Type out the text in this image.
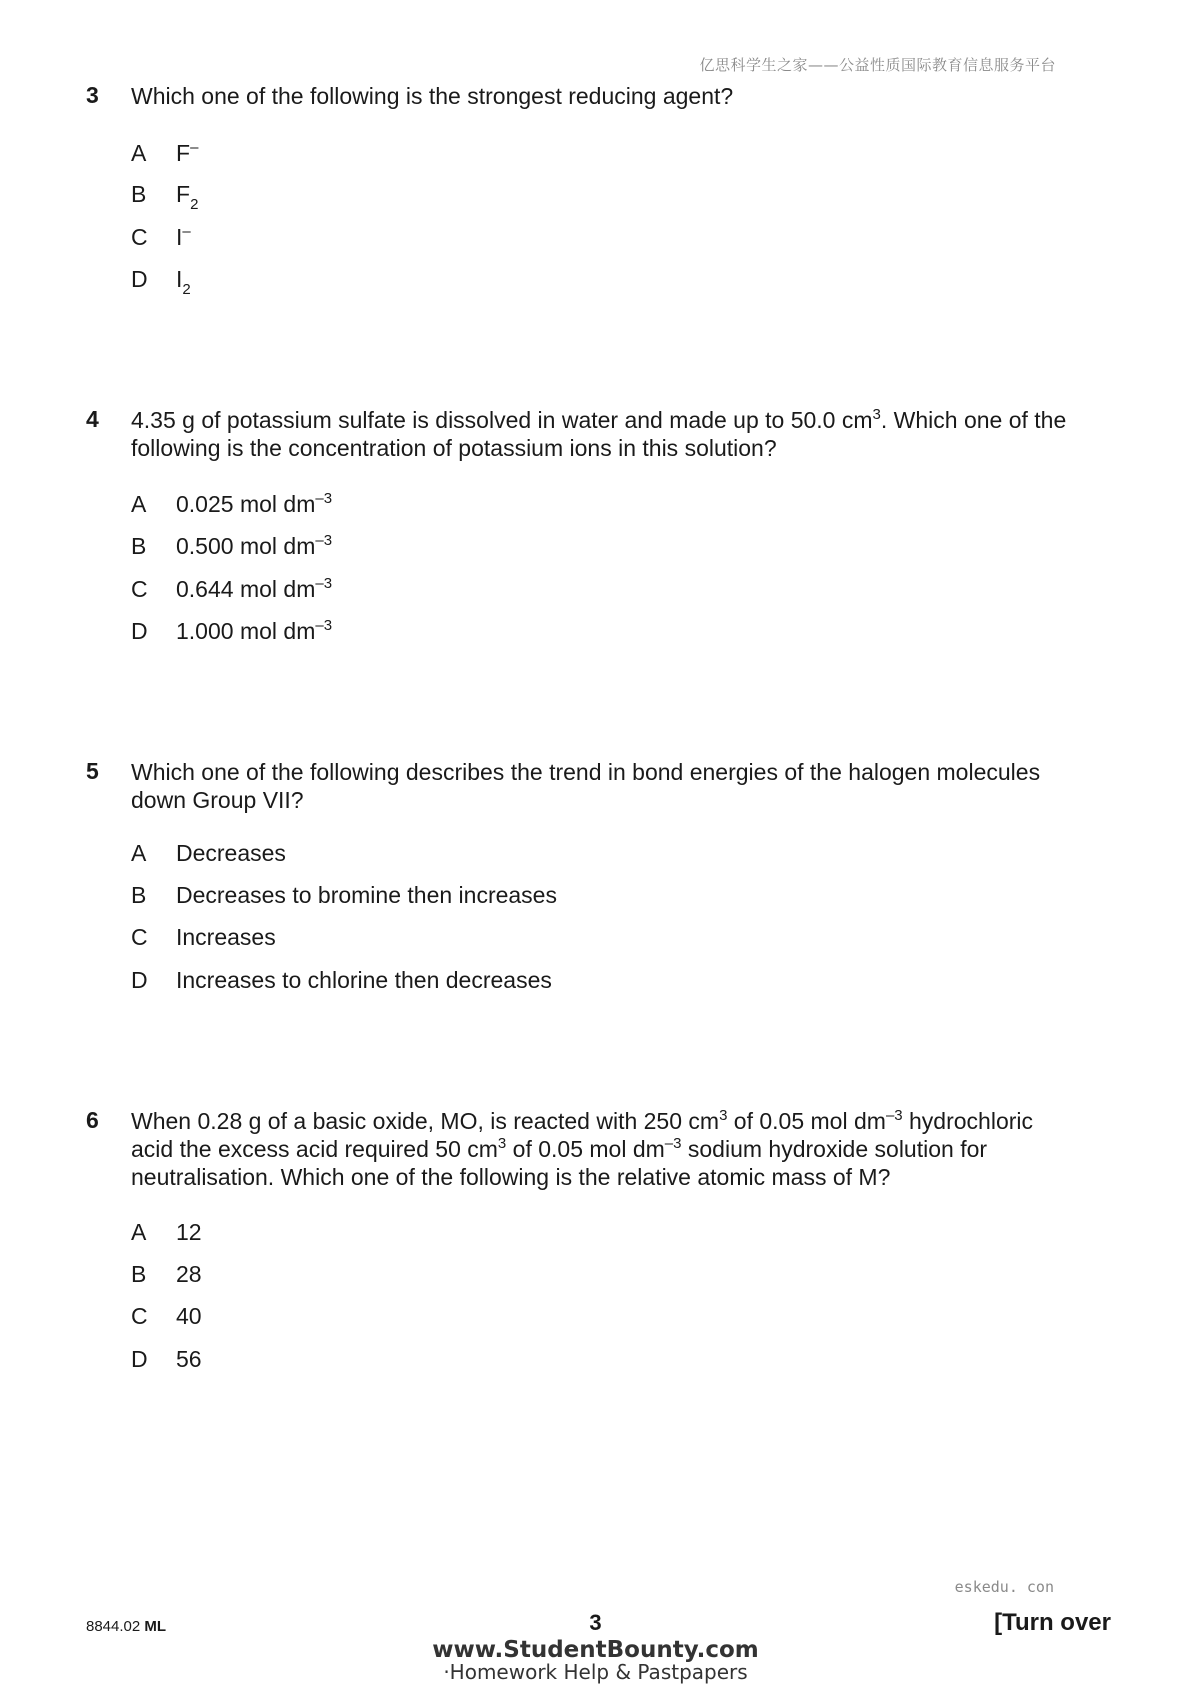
亿思科学生之家——公益性质国际教育信息服务平台
3 Which one of the following is the strongest reducing agent?
A F–
B $F_2$
C I–
D $I_2$
4 4.35 g of potassium sulfate is dissolved in water and made up to 50.0 $cm^3$. Which one of the
following is the concentration of potassium ions in this solution?
A 0.025 mol $dm^{-3}$
B 0.500 mol $dm^{-3}$
C 0.644 mol $dm^{-3}$
D 1.000 mol $dm^{-3}$
5 Which one of the following describes the trend in bond energies of the halogen molecules
down Group VII?
A Decreases
B Decreases to bromine then increases
C Increases
D Increases to chlorine then decreases
6 When 0.28 g of a basic oxide, MO, is reacted with 250 $cm^3$ of 0.05 mol $dm^{-3}$ hydrochloric
acid the excess acid required 50 $cm^3$ of 0.05 mol $dm^{-3}$ sodium hydroxide solution for
neutralisation. Which one of the following is the relative atomic mass of M?
A 12
B 28
C 40
D 56
eskedu. con
8844.02 ML	3	[Turn over
www.StudentBounty.com
·Homework Help & Pastpapers
